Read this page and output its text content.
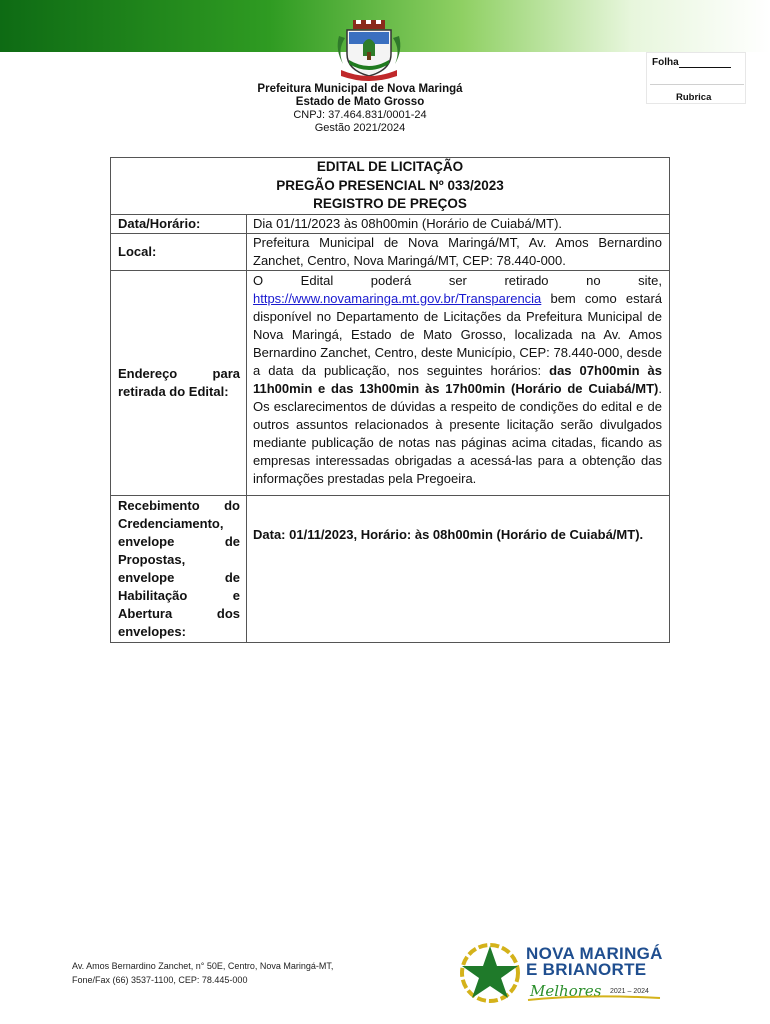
Prefeitura Municipal de Nova Maringá
Estado de Mato Grosso
CNPJ: 37.464.831/0001-24
Gestão 2021/2024
Folha
Rubrica
EDITAL DE LICITAÇÃO
PREGÃO PRESENCIAL Nº 033/2023
REGISTRO DE PREÇOS	

Data/Horário:	Dia 01/11/2023 às 08h00min (Horário de Cuiabá/MT).
Local:	Prefeitura Municipal de Nova Maringá/MT, Av. Amos Bernardino Zanchet, Centro, Nova Maringá/MT, CEP: 78.440-000.
Endereço para retirada do Edital:	O Edital poderá ser retirado no site, https://www.novamaringa.mt.gov.br/Transparencia bem como estará disponível no Departamento de Licitações da Prefeitura Municipal de Nova Maringá, Estado de Mato Grosso, localizada na Av. Amos Bernardino Zanchet, Centro, deste Município, CEP: 78.440-000, desde a data da publicação, nos seguintes horários: das 07h00min às 11h00min e das 13h00min às 17h00min (Horário de Cuiabá/MT). Os esclarecimentos de dúvidas a respeito de condições do edital e de outros assuntos relacionados à presente licitação serão divulgados mediante publicação de notas nas páginas acima citadas, ficando as empresas interessadas obrigadas a acessá-las para a obtenção das informações prestadas pela Pregoeira.
Recebimento do Credenciamento, envelope de Propostas, envelope de Habilitação e Abertura dos envelopes:	Data: 01/11/2023, Horário: às 08h00min (Horário de Cuiabá/MT).
Av. Amos Bernardino Zanchet, n° 50E, Centro, Nova Maringá-MT,
Fone/Fax (66) 3537-1100, CEP: 78.445-000
NOVA MARINGÁ
E BRIANORTE
Melhores 2021 – 2024
